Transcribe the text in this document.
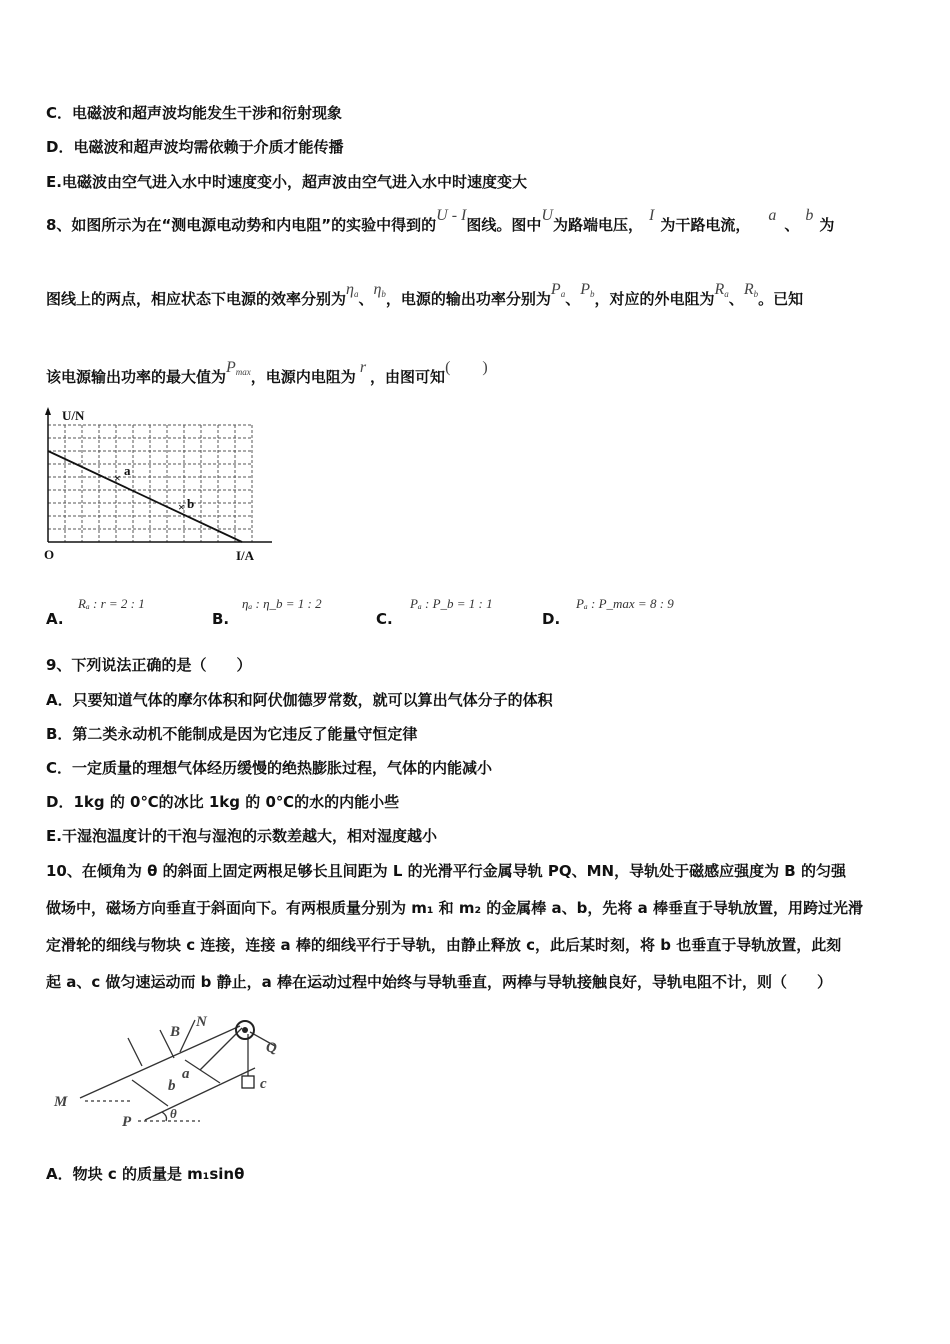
C．电磁波和超声波均能发生干涉和衍射现象
D．电磁波和超声波均需依赖于介质才能传播
E.电磁波由空气进入水中时速度变小，超声波由空气进入水中时速度变大
8、如图所示为在“测电源电动势和内电阻”的实验中得到的U - I图线。图中U为路端电压，I为干路电流，a、b为
图线上的两点，相应状态下电源的效率分别为$\eta_a$、$\eta_b$，电源的输出功率分别为$P_a$、$P_b$，对应的外电阻为$R_a$、$R_b$。已知
该电源输出功率的最大值为$P_{max}$，电源内电阻为r，由图可知(　　)
×
×
U/N
I/A
O
a
b
A.
Rₐ : r = 2 : 1
B.
ηₐ : η_b = 1 : 2
C.
Pₐ : P_b = 1 : 1
D.
Pₐ : P_max = 8 : 9
9、下列说法正确的是（　　）
A．只要知道气体的摩尔体积和阿伏伽德罗常数，就可以算出气体分子的体积
B．第二类永动机不能制成是因为它违反了能量守恒定律
C．一定质量的理想气体经历缓慢的绝热膨胀过程，气体的内能减小
D．1kg 的 0℃的冰比 1kg 的 0℃的水的内能小些
E.干湿泡温度计的干泡与湿泡的示数差越大，相对湿度越小
10、在倾角为 θ 的斜面上固定两根足够长且间距为 L 的光滑平行金属导轨 PQ、MN，导轨处于磁感应强度为 B 的匀强
做场中，磁场方向垂直于斜面向下。有两根质量分别为 m₁ 和 m₂ 的金属棒 a、b，先将 a 棒垂直于导轨放置，用跨过光滑
定滑轮的细线与物块 c 连接，连接 a 棒的细线平行于导轨，由静止释放 c，此后某时刻，将 b 也垂直于导轨放置，此刻
起 a、c 做匀速运动而 b 静止，a 棒在运动过程中始终与导轨垂直，两棒与导轨接触良好，导轨电阻不计，则（　　）
B
N
Q
a
b	c
M
P
θ
A．物块 c 的质量是 m₁sinθ
